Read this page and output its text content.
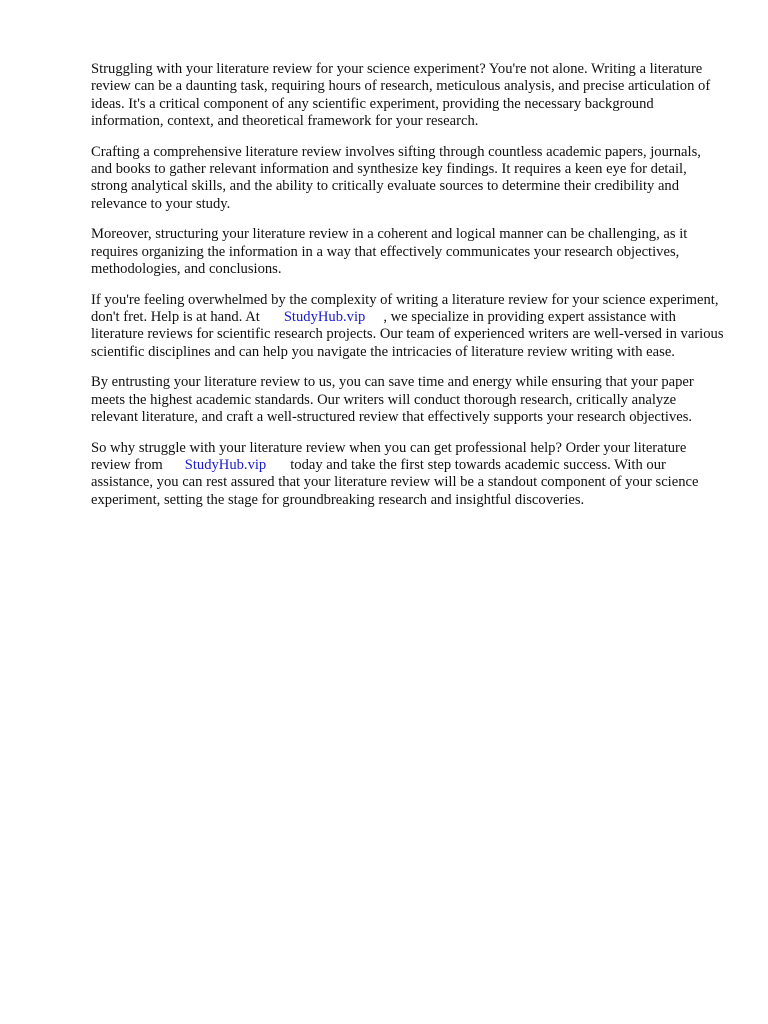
Struggling with your literature review for your science experiment? You're not alone. Writing a literature review can be a daunting task, requiring hours of research, meticulous analysis, and precise articulation of ideas. It's a critical component of any scientific experiment, providing the necessary background information, context, and theoretical framework for your research.

Crafting a comprehensive literature review involves sifting through countless academic papers, journals, and books to gather relevant information and synthesize key findings. It requires a keen eye for detail, strong analytical skills, and the ability to critically evaluate sources to determine their credibility and relevance to your study.

Moreover, structuring your literature review in a coherent and logical manner can be challenging, as it requires organizing the information in a way that effectively communicates your research objectives, methodologies, and conclusions.

If you're feeling overwhelmed by the complexity of writing a literature review for your science experiment, don't fret. Help is at hand. At StudyHub.vip , we specialize in providing expert assistance with literature reviews for scientific research projects. Our team of experienced writers are well-versed in various scientific disciplines and can help you navigate the intricacies of literature review writing with ease.

By entrusting your literature review to us, you can save time and energy while ensuring that your paper meets the highest academic standards. Our writers will conduct thorough research, critically analyze relevant literature, and craft a well-structured review that effectively supports your research objectives.

So why struggle with your literature review when you can get professional help? Order your literature review from StudyHub.vip today and take the first step towards academic success. With our assistance, you can rest assured that your literature review will be a standout component of your science experiment, setting the stage for groundbreaking research and insightful discoveries.
